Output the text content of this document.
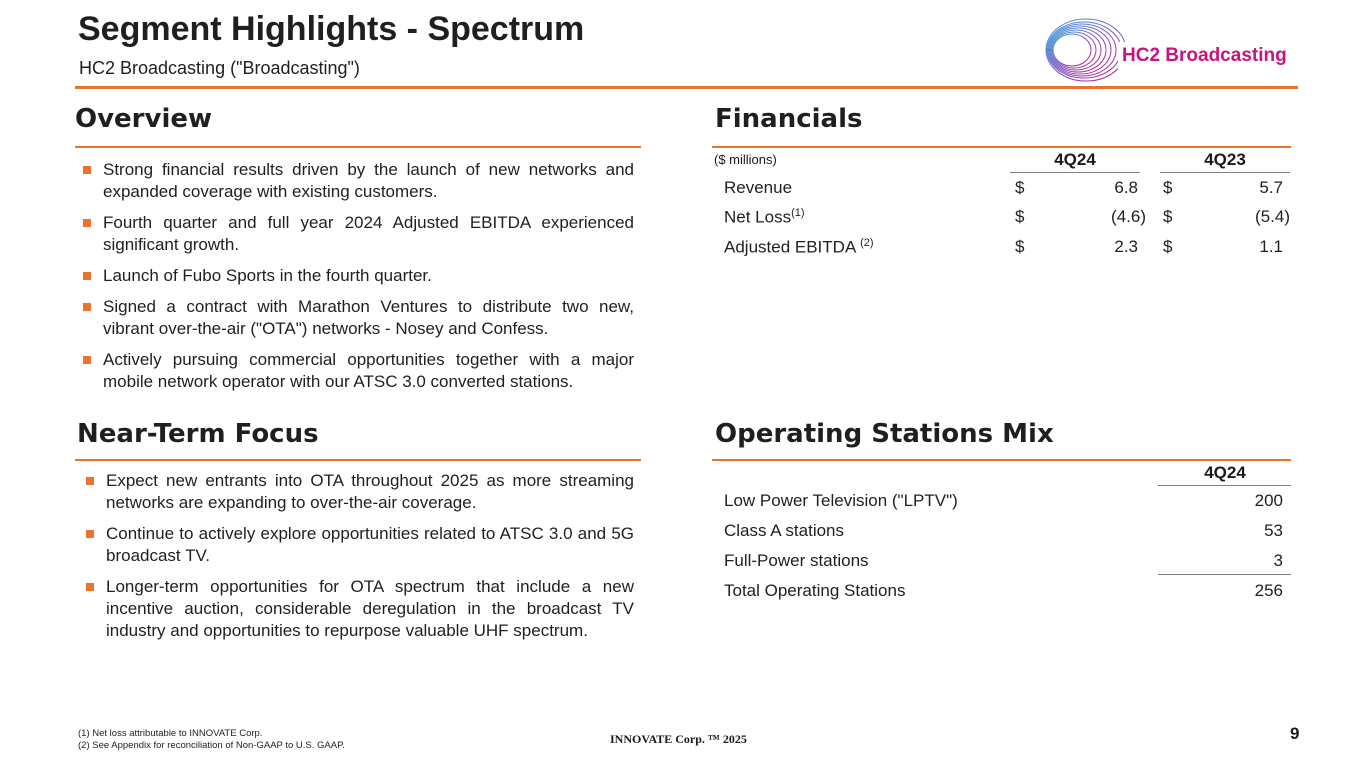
Segment Highlights - Spectrum
HC2 Broadcasting ("Broadcasting")
HC2 Broadcasting
Overview
Strong financial results driven by the launch of new networks and expanded coverage with existing customers.
Fourth quarter and full year 2024 Adjusted EBITDA experienced significant growth.
Launch of Fubo Sports in the fourth quarter.
Signed a contract with Marathon Ventures to distribute two new, vibrant over-the-air ("OTA") networks - Nosey and Confess.
Actively pursuing commercial opportunities together with a major mobile network operator with our ATSC 3.0 converted stations.
Near-Term Focus
Expect new entrants into OTA throughout 2025 as more streaming networks are expanding to over-the-air coverage.
Continue to actively explore opportunities related to ATSC 3.0 and 5G broadcast TV.
Longer-term opportunities for OTA spectrum that include a new incentive auction, considerable deregulation in the broadcast TV industry and opportunities to repurpose valuable UHF spectrum.
Financials
($ millions)	4Q24	4Q23
Revenue	$	6.8 $	5.7
Net Loss$^{(1)}$	$	(4.6) $	(5.4)
Adjusted EBITDA $^{(2)}$	$	2.3 $	1.1
Operating Stations Mix
4Q24
Low Power Television ("LPTV")	200
Class A stations	53
Full-Power stations	3
Total Operating Stations	256
(1) Net loss attributable to INNOVATE Corp.
(2) See Appendix for reconciliation of Non-GAAP to U.S. GAAP.	INNOVATE Corp. ™ 2025	9
